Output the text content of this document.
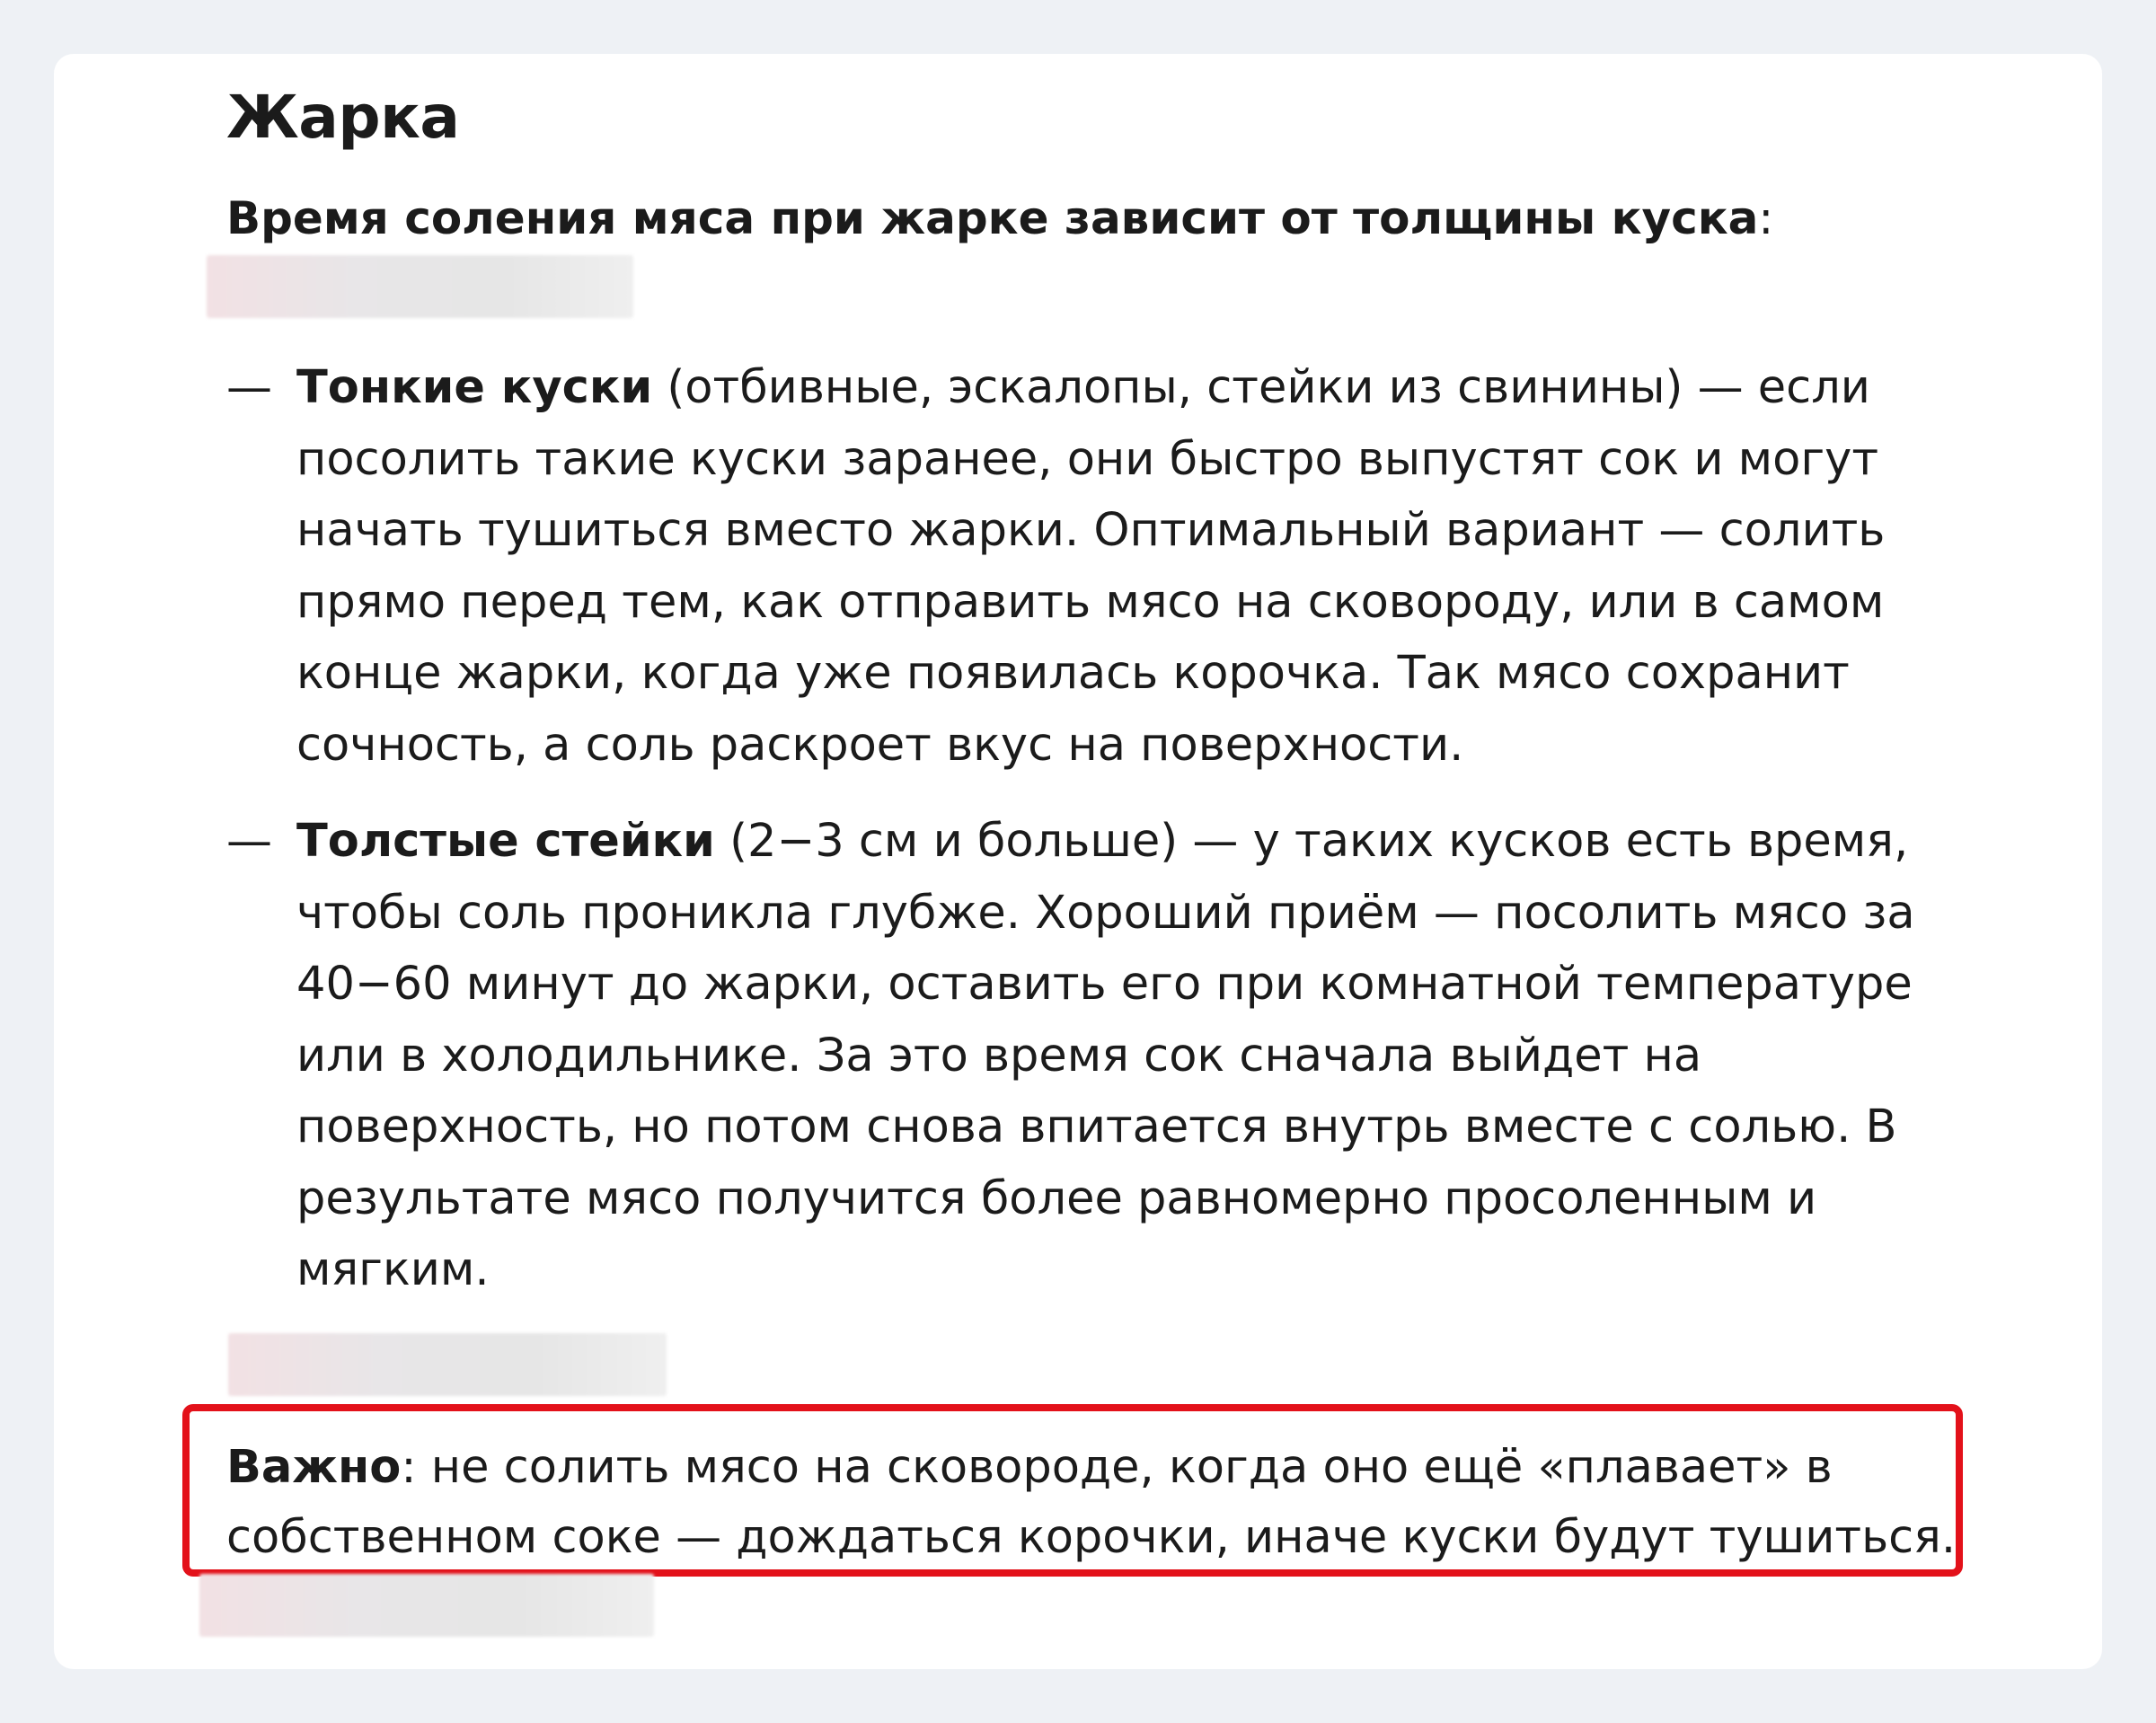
Жарка

Время соления мяса при жарке зависит от толщины куска:

— Тонкие куски (отбивные, эскалопы, стейки из свинины) — если посолить такие куски заранее, они быстро выпустят сок и могут начать тушиться вместо жарки. Оптимальный вариант — солить прямо перед тем, как отправить мясо на сковороду, или в самом конце жарки, когда уже появилась корочка. Так мясо сохранит сочность, а соль раскроет вкус на поверхности.
— Толстые стейки (2−3 см и больше) — у таких кусков есть время, чтобы соль проникла глубже. Хороший приём — посолить мясо за 40−60 минут до жарки, оставить его при комнатной температуре или в холодильнике. За это время сок сначала выйдет на поверхность, но потом снова впитается внутрь вместе с солью. В результате мясо получится более равномерно просоленным и мягким.

Важно: не солить мясо на сковороде, когда оно ещё «плавает» в собственном соке — дождаться корочки, иначе куски будут тушиться.
